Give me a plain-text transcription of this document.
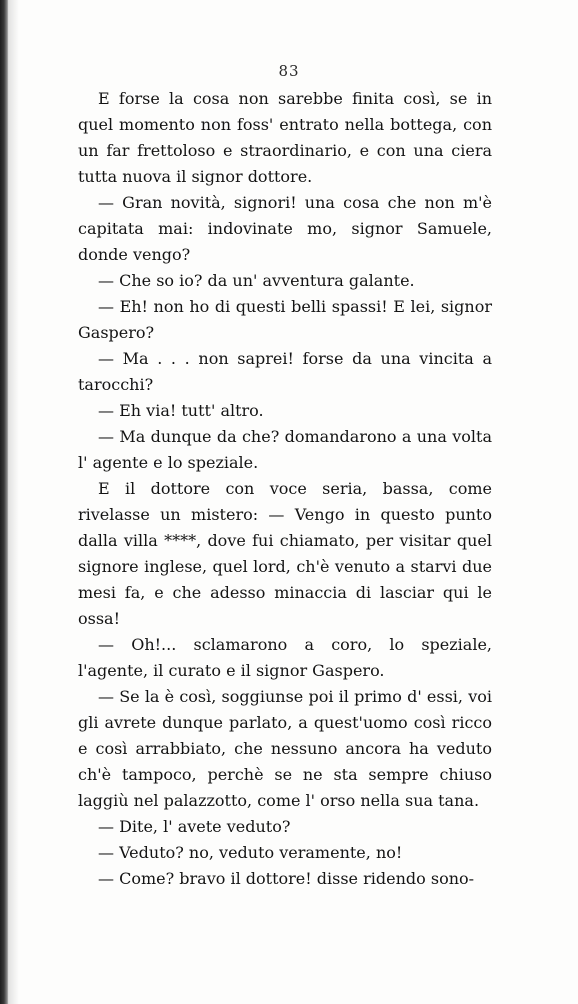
83

E forse la cosa non sarebbe finita così, se in quel momento non foss' entrato nella bottega, con un far frettoloso e straordinario, e con una ciera tutta nuova il signor dottore.

— Gran novità, signori! una cosa che non m'è capitata mai: indovinate mo, signor Samuele, donde vengo?

— Che so io? da un' avventura galante.

— Eh! non ho di questi belli spassi! E lei, signor Gaspero?

— Ma . . . non saprei! forse da una vincita a tarocchi?

— Eh via! tutt' altro.

— Ma dunque da che? domandarono a una volta l' agente e lo speziale.

E il dottore con voce seria, bassa, come rivelasse un mistero: — Vengo in questo punto dalla villa ****, dove fui chiamato, per visitar quel signore inglese, quel lord, ch'è venuto a starvi due mesi fa, e che adesso minaccia di lasciar qui le ossa!

— Oh!... sclamarono a coro, lo speziale, l'agente, il curato e il signor Gaspero.

— Se la è così, soggiunse poi il primo d' essi, voi gli avrete dunque parlato, a quest'uomo così ricco e così arrabbiato, che nessuno ancora ha veduto ch'è tampoco, perchè se ne sta sempre chiuso laggiù nel palazzotto, come l' orso nella sua tana.

— Dite, l' avete veduto?

— Veduto? no, veduto veramente, no!

— Come? bravo il dottore! disse ridendo sono-
